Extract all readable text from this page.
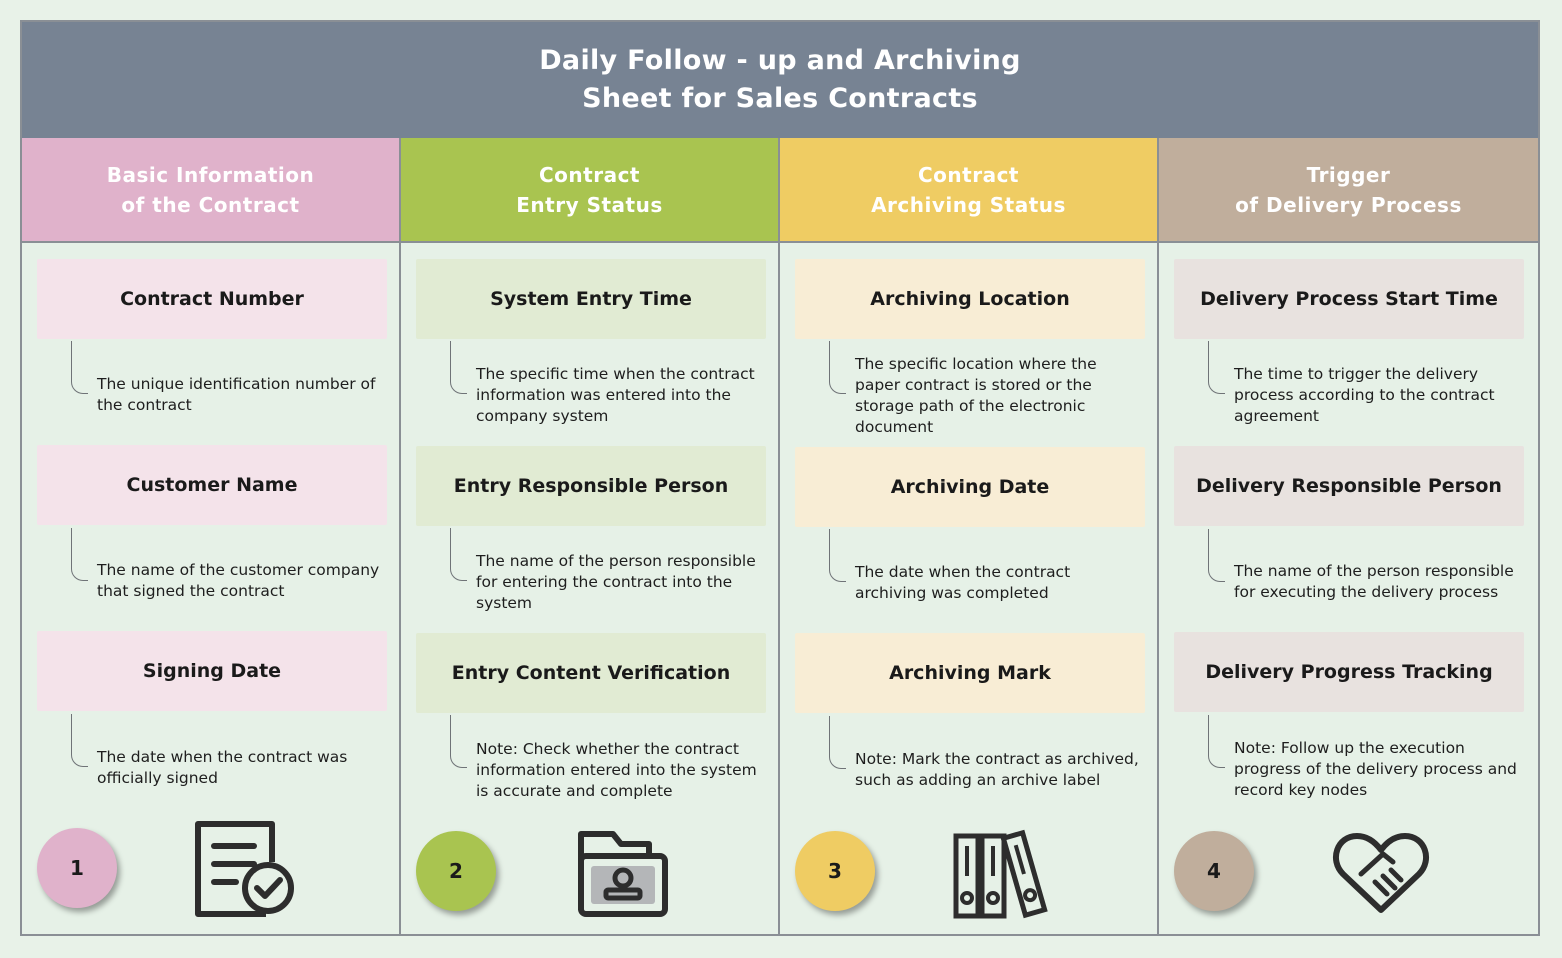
Daily Follow - up and Archiving
Sheet for Sales Contracts
Basic Information
of the Contract
Contract Number
The unique identification number of the contract
Customer Name
The name of the customer company that signed the contract
Signing Date
The date when the contract was officially signed
1
Contract
Entry Status
System Entry Time
The specific time when the contract information was entered into the company system
Entry Responsible Person
The name of the person responsible for entering the contract into the system
Entry Content Verification
Note: Check whether the contract information entered into the system is accurate and complete
2
Contract
Archiving Status
Archiving Location
The specific location where the paper contract is stored or the storage path of the electronic document
Archiving Date
The date when the contract archiving was completed
Archiving Mark
Note: Mark the contract as archived, such as adding an archive label
3
Trigger
of Delivery Process
Delivery Process Start Time
The time to trigger the delivery process according to the contract agreement
Delivery Responsible Person
The name of the person responsible for executing the delivery process
Delivery Progress Tracking
Note: Follow up the execution progress of the delivery process and record key nodes
4
